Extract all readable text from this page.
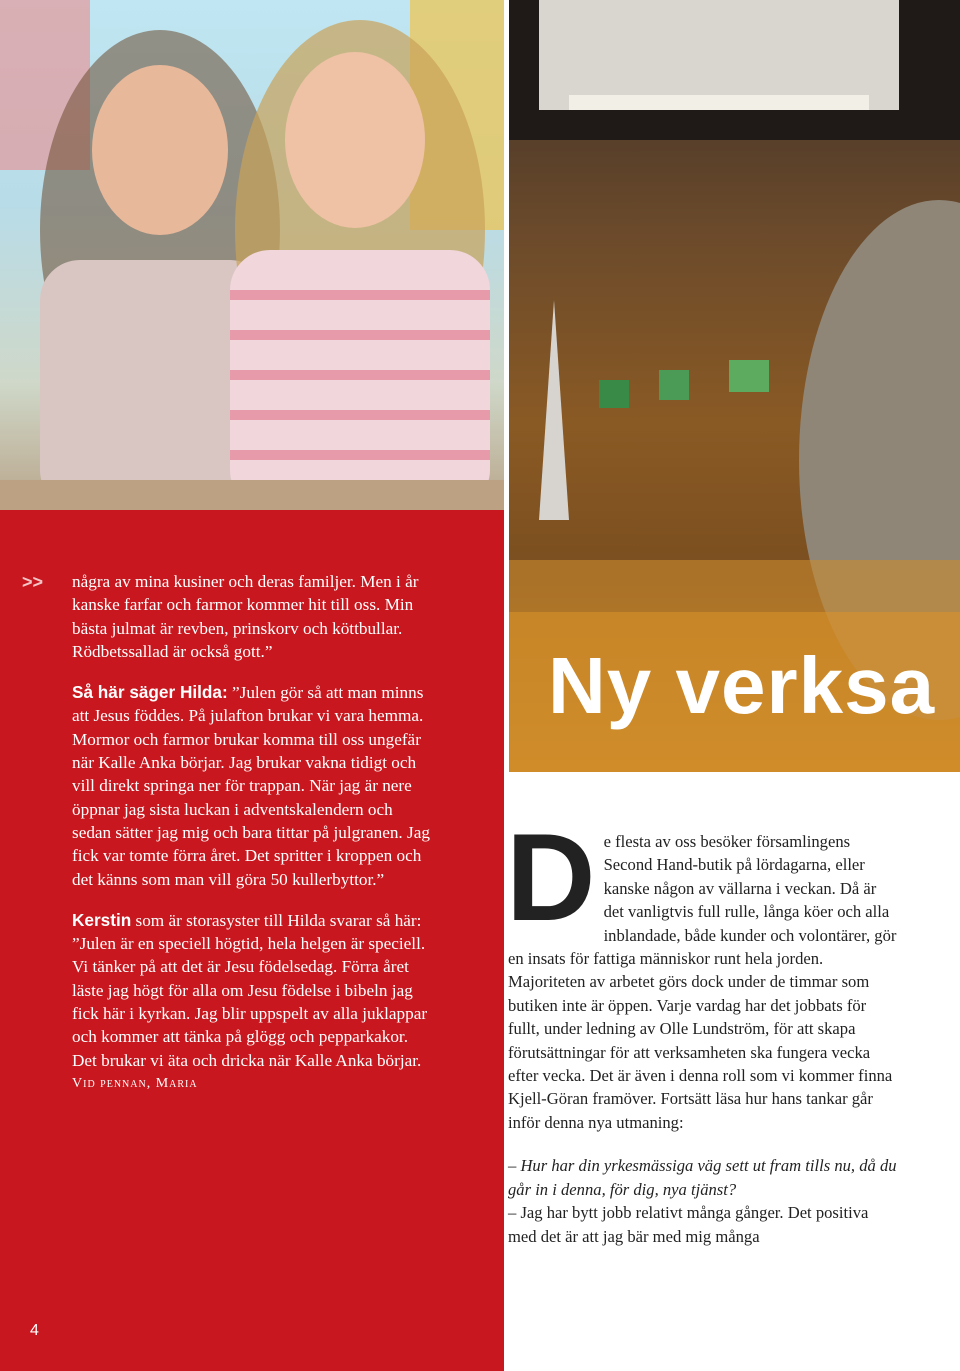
Ny verksa
>> några av mina kusiner och deras familjer. Men i år kanske farfar och farmor kommer hit till oss. Min bästa julmat är revben, prinskorv och köttbullar. Rödbetssallad är också gott.”

Så här säger Hilda: ”Julen gör så att man minns att Jesus föddes. På julafton brukar vi vara hemma. Mormor och farmor brukar komma till oss ungefär när Kalle Anka börjar. Jag brukar vakna tidigt och vill direkt springa ner för trappan. När jag är nere öppnar jag sista luckan i adventskalendern och sedan sätter jag mig och bara tittar på julgranen. Jag fick var tomte förra året. Det spritter i kroppen och det känns som man vill göra 50 kullerbyttor.”

Kerstin som är storasyster till Hilda svarar så här: ”Julen är en speciell högtid, hela helgen är speciell. Vi tänker på att det är Jesu födelsedag. Förra året läste jag högt för alla om Jesu födelse i bibeln jag fick här i kyrkan. Jag blir uppspelt av alla juklappar och kommer att tänka på glögg och pepparkakor. Det brukar vi äta och dricka när Kalle Anka börjar.

Vid pennan, Maria

4

De flesta av oss besöker församlingens Second Hand-butik på lördagarna, eller kanske någon av vällarna i veckan. Då är det vanligtvis full rulle, långa köer och alla inblandade, både kunder och volontärer, gör en insats för fattiga människor runt hela jorden. Majoriteten av arbetet görs dock under de timmar som butiken inte är öppen. Varje vardag har det jobbats för fullt, under ledning av Olle Lundström, för att skapa förutsättningar för att verksamheten ska fungera vecka efter vecka. Det är även i denna roll som vi kommer finna Kjell-Göran framöver. Fortsätt läsa hur hans tankar går inför denna nya utmaning:

– Hur har din yrkesmässiga väg sett ut fram tills nu, då du går in i denna, för dig, nya tjänst?

– Jag har bytt jobb relativt många gånger. Det positiva med det är att jag bär med mig många
